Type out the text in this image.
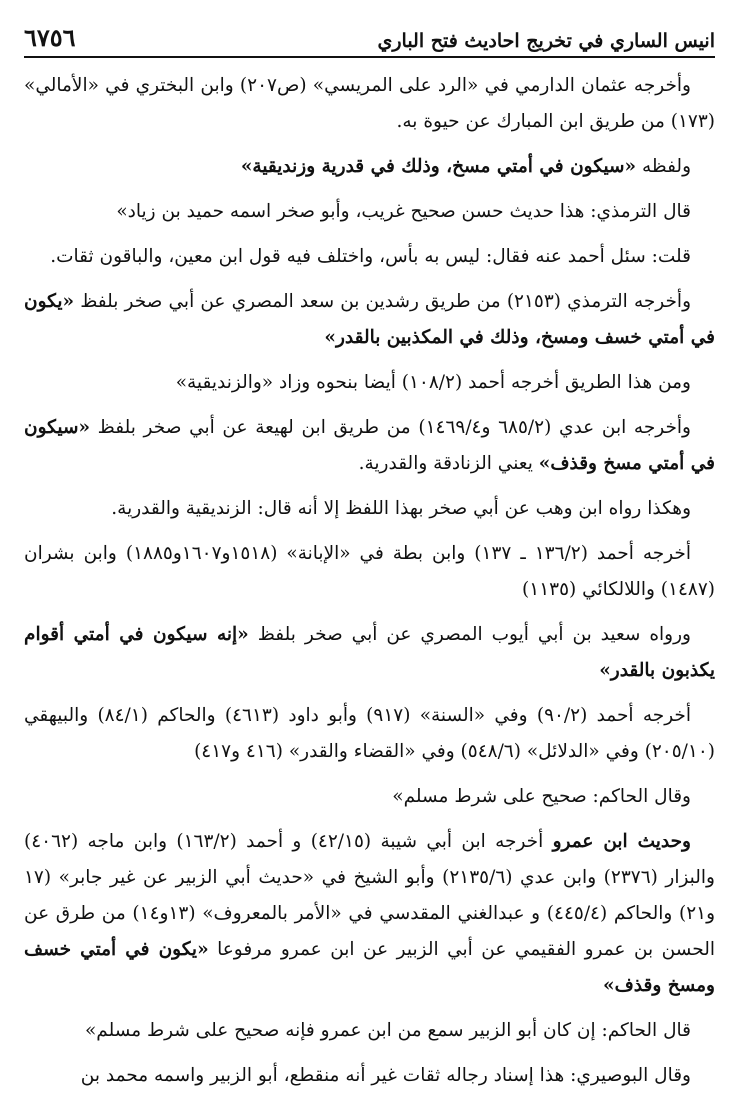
٦٧٥٦	انيس الساري في تخريج احاديث فتح الباري

وأخرجه عثمان الدارمي في «الرد على المريسي» (ص٢٠٧) وابن البختري في «الأمالي» (١٧٣) من طريق ابن المبارك عن حيوة به.

ولفظه «سيكون في أمتي مسخ، وذلك في قدرية وزنديقية»

قال الترمذي: هذا حديث حسن صحيح غريب، وأبو صخر اسمه حميد بن زياد»

قلت: سئل أحمد عنه فقال: ليس به بأس، واختلف فيه قول ابن معين، والباقون ثقات.

وأخرجه الترمذي (٢١٥٣) من طريق رشدين بن سعد المصري عن أبي صخر بلفظ «يكون في أمتي خسف ومسخ، وذلك في المكذبين بالقدر»

ومن هذا الطريق أخرجه أحمد (١٠٨/٢) أيضا بنحوه وزاد «والزنديقية»

وأخرجه ابن عدي (٦٨٥/٢ و١٤٦٩/٤) من طريق ابن لهيعة عن أبي صخر بلفظ «سيكون في أمتي مسخ وقذف» يعني الزنادقة والقدرية.

وهكذا رواه ابن وهب عن أبي صخر بهذا اللفظ إلا أنه قال: الزنديقية والقدرية.

أخرجه أحمد (١٣٦/٢ ـ ١٣٧) وابن بطة في «الإبانة» (١٥١٨و١٦٠٧و١٨٨٥) وابن بشران (١٤٨٧) واللالكائي (١١٣٥)

ورواه سعيد بن أبي أيوب المصري عن أبي صخر بلفظ «إنه سيكون في أمتي أقوام يكذبون بالقدر»

أخرجه أحمد (٩٠/٢) وفي «السنة» (٩١٧) وأبو داود (٤٦١٣) والحاكم (٨٤/١) والبيهقي (٢٠٥/١٠) وفي «الدلائل» (٥٤٨/٦) وفي «القضاء والقدر» (٤١٦ و٤١٧)

وقال الحاكم: صحيح على شرط مسلم»

وحديث ابن عمرو أخرجه ابن أبي شيبة (٤٢/١٥) و أحمد (١٦٣/٢) وابن ماجه (٤٠٦٢) والبزار (٢٣٧٦) وابن عدي (٢١٣٥/٦) وأبو الشيخ في «حديث أبي الزبير عن غير جابر» (١٧ و٢١) والحاكم (٤٤٥/٤) و عبدالغني المقدسي في «الأمر بالمعروف» (١٣و١٤) من طرق عن الحسن بن عمرو الفقيمي عن أبي الزبير عن ابن عمرو مرفوعا «يكون في أمتي خسف ومسخ وقذف»

قال الحاكم: إن كان أبو الزبير سمع من ابن عمرو فإنه صحيح على شرط مسلم»

وقال البوصيري: هذا إسناد رجاله ثقات غير أنه منقطع، أبو الزبير واسمه محمد بن
